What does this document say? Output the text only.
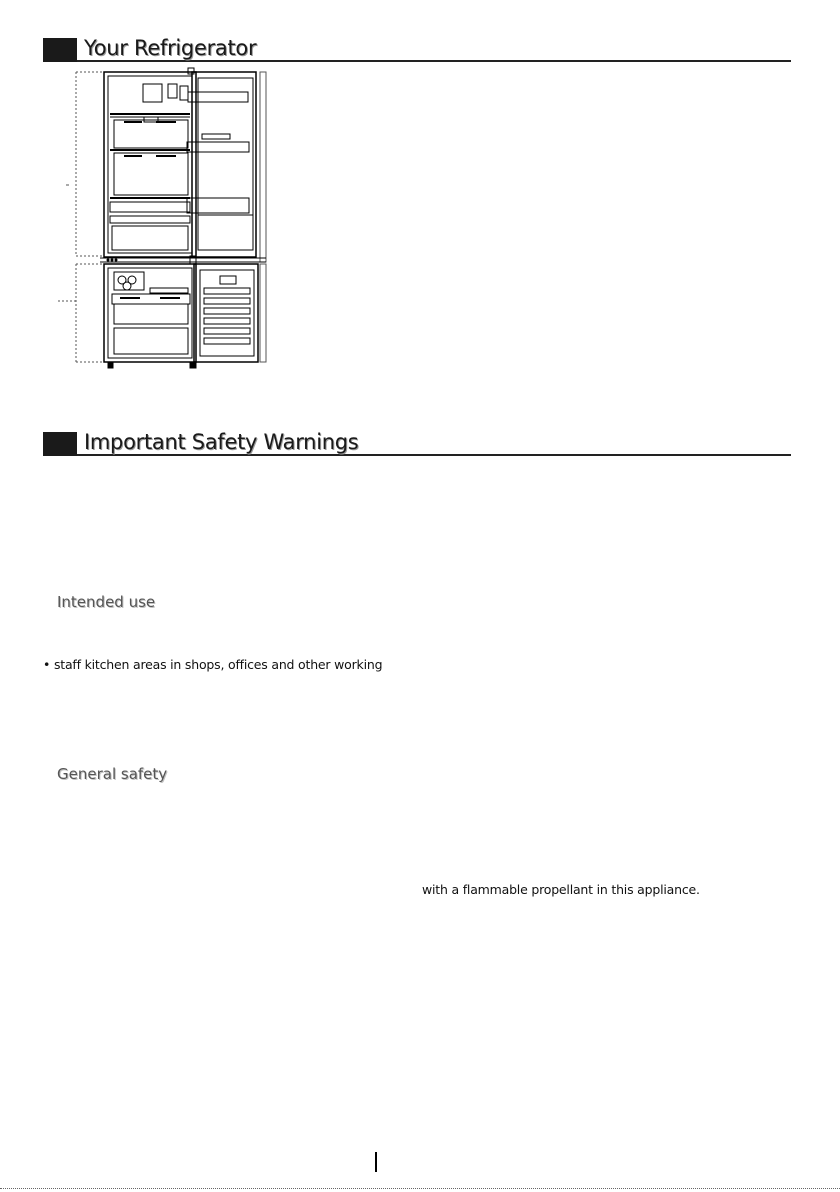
Your Refrigerator
Important Safety Warnings
Intended use
• staff kitchen areas in shops, offices and other working
General safety
with a flammable propellant in this appliance.
